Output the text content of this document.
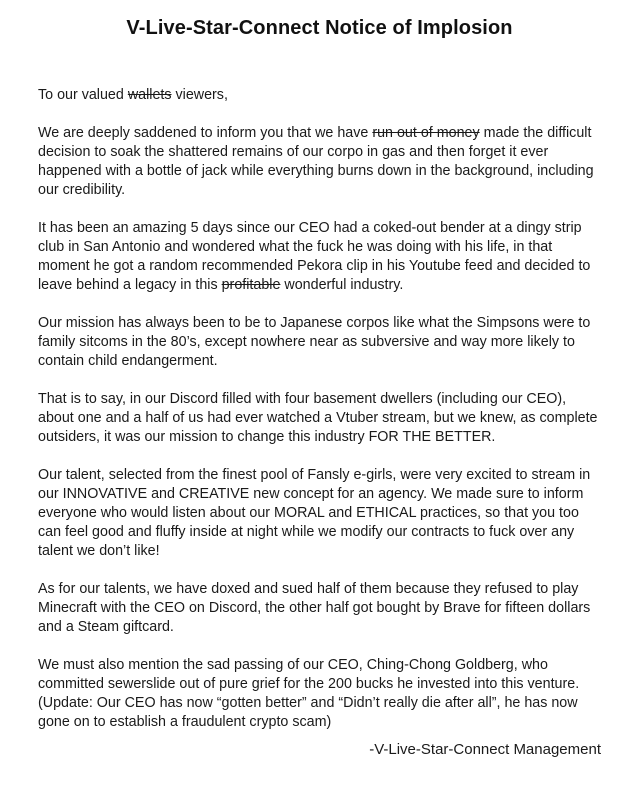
V-Live-Star-Connect Notice of Implosion

To our valued wallets viewers,

We are deeply saddened to inform you that we have run out of money made the difficult decision to soak the shattered remains of our corpo in gas and then forget it ever happened with a bottle of jack while everything burns down in the background, including our credibility.

It has been an amazing 5 days since our CEO had a coked-out bender at a dingy strip club in San Antonio and wondered what the fuck he was doing with his life, in that moment he got a random recommended Pekora clip in his Youtube feed and decided to leave behind a legacy in this profitable wonderful industry.

Our mission has always been to be to Japanese corpos like what the Simpsons were to family sitcoms in the 80’s, except nowhere near as subversive and way more likely to contain child endangerment.

That is to say, in our Discord filled with four basement dwellers (including our CEO), about one and a half of us had ever watched a Vtuber stream, but we knew, as complete outsiders, it was our mission to change this industry FOR THE BETTER.

Our talent, selected from the finest pool of Fansly e-girls, were very excited to stream in our INNOVATIVE and CREATIVE new concept for an agency. We made sure to inform everyone who would listen about our MORAL and ETHICAL practices, so that you too can feel good and fluffy inside at night while we modify our contracts to fuck over any talent we don’t like!

As for our talents, we have doxed and sued half of them because they refused to play Minecraft with the CEO on Discord, the other half got bought by Brave for fifteen dollars and a Steam giftcard.

We must also mention the sad passing of our CEO, Ching-Chong Goldberg, who committed sewerslide out of pure grief for the 200 bucks he invested into this venture. (Update: Our CEO has now “gotten better” and “Didn’t really die after all”, he has now gone on to establish a fraudulent crypto scam)

-V-Live-Star-Connect Management
